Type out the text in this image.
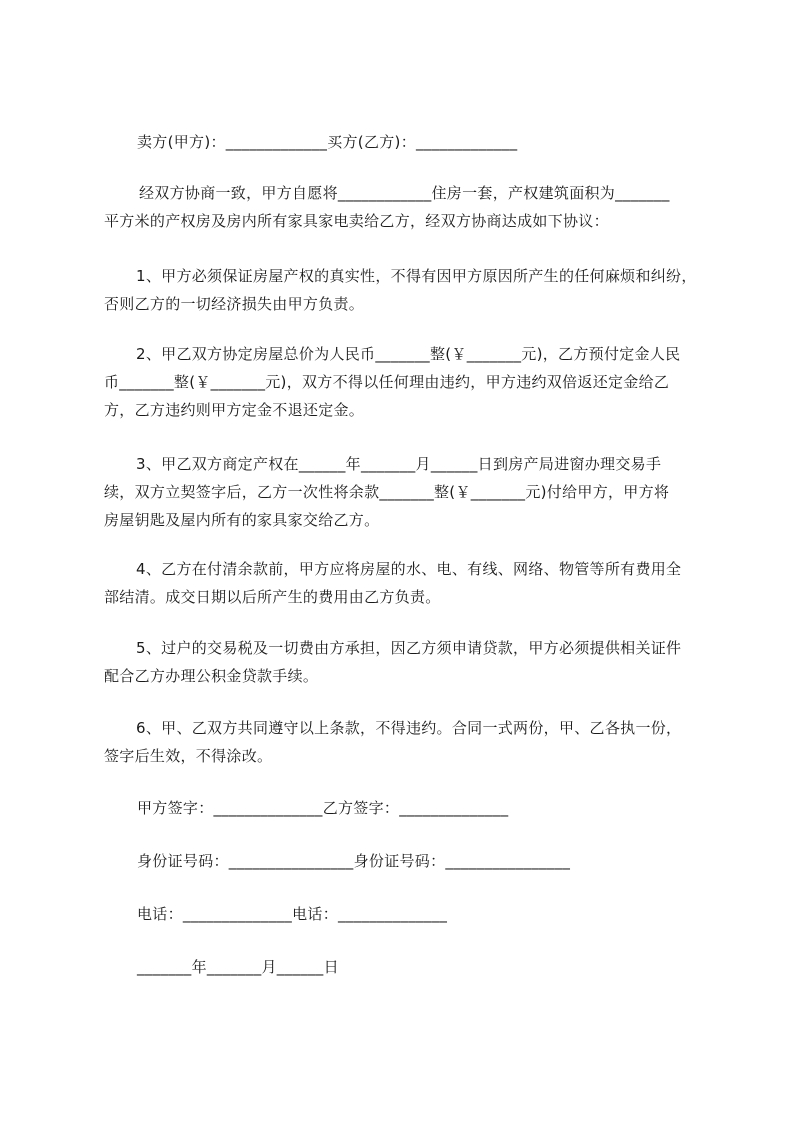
卖方(甲方)：_____________买方(乙方)：_____________
经双方协商一致，甲方自愿将____________住房一套，产权建筑面积为_______
平方米的产权房及房内所有家具家电卖给乙方，经双方协商达成如下协议：
1、甲方必须保证房屋产权的真实性，不得有因甲方原因所产生的任何麻烦和纠纷，
否则乙方的一切经济损失由甲方负责。
2、甲乙双方协定房屋总价为人民币_______整(￥_______元)，乙方预付定金人民
币_______整(￥_______元)，双方不得以任何理由违约，甲方违约双倍返还定金给乙
方，乙方违约则甲方定金不退还定金。
3、甲乙双方商定产权在______年_______月______日到房产局进窗办理交易手
续，双方立契签字后，乙方一次性将余款_______整(￥_______元)付给甲方，甲方将
房屋钥匙及屋内所有的家具家交给乙方。
4、乙方在付清余款前，甲方应将房屋的水、电、有线、网络、物管等所有费用全
部结清。成交日期以后所产生的费用由乙方负责。
5、过户的交易税及一切费由方承担，因乙方须申请贷款，甲方必须提供相关证件
配合乙方办理公积金贷款手续。
6、甲、乙双方共同遵守以上条款，不得违约。合同一式两份，甲、乙各执一份，
签字后生效，不得涂改。
甲方签字：______________乙方签字：______________
身份证号码：________________身份证号码：________________
电话：______________电话：______________
_______年_______月______日
